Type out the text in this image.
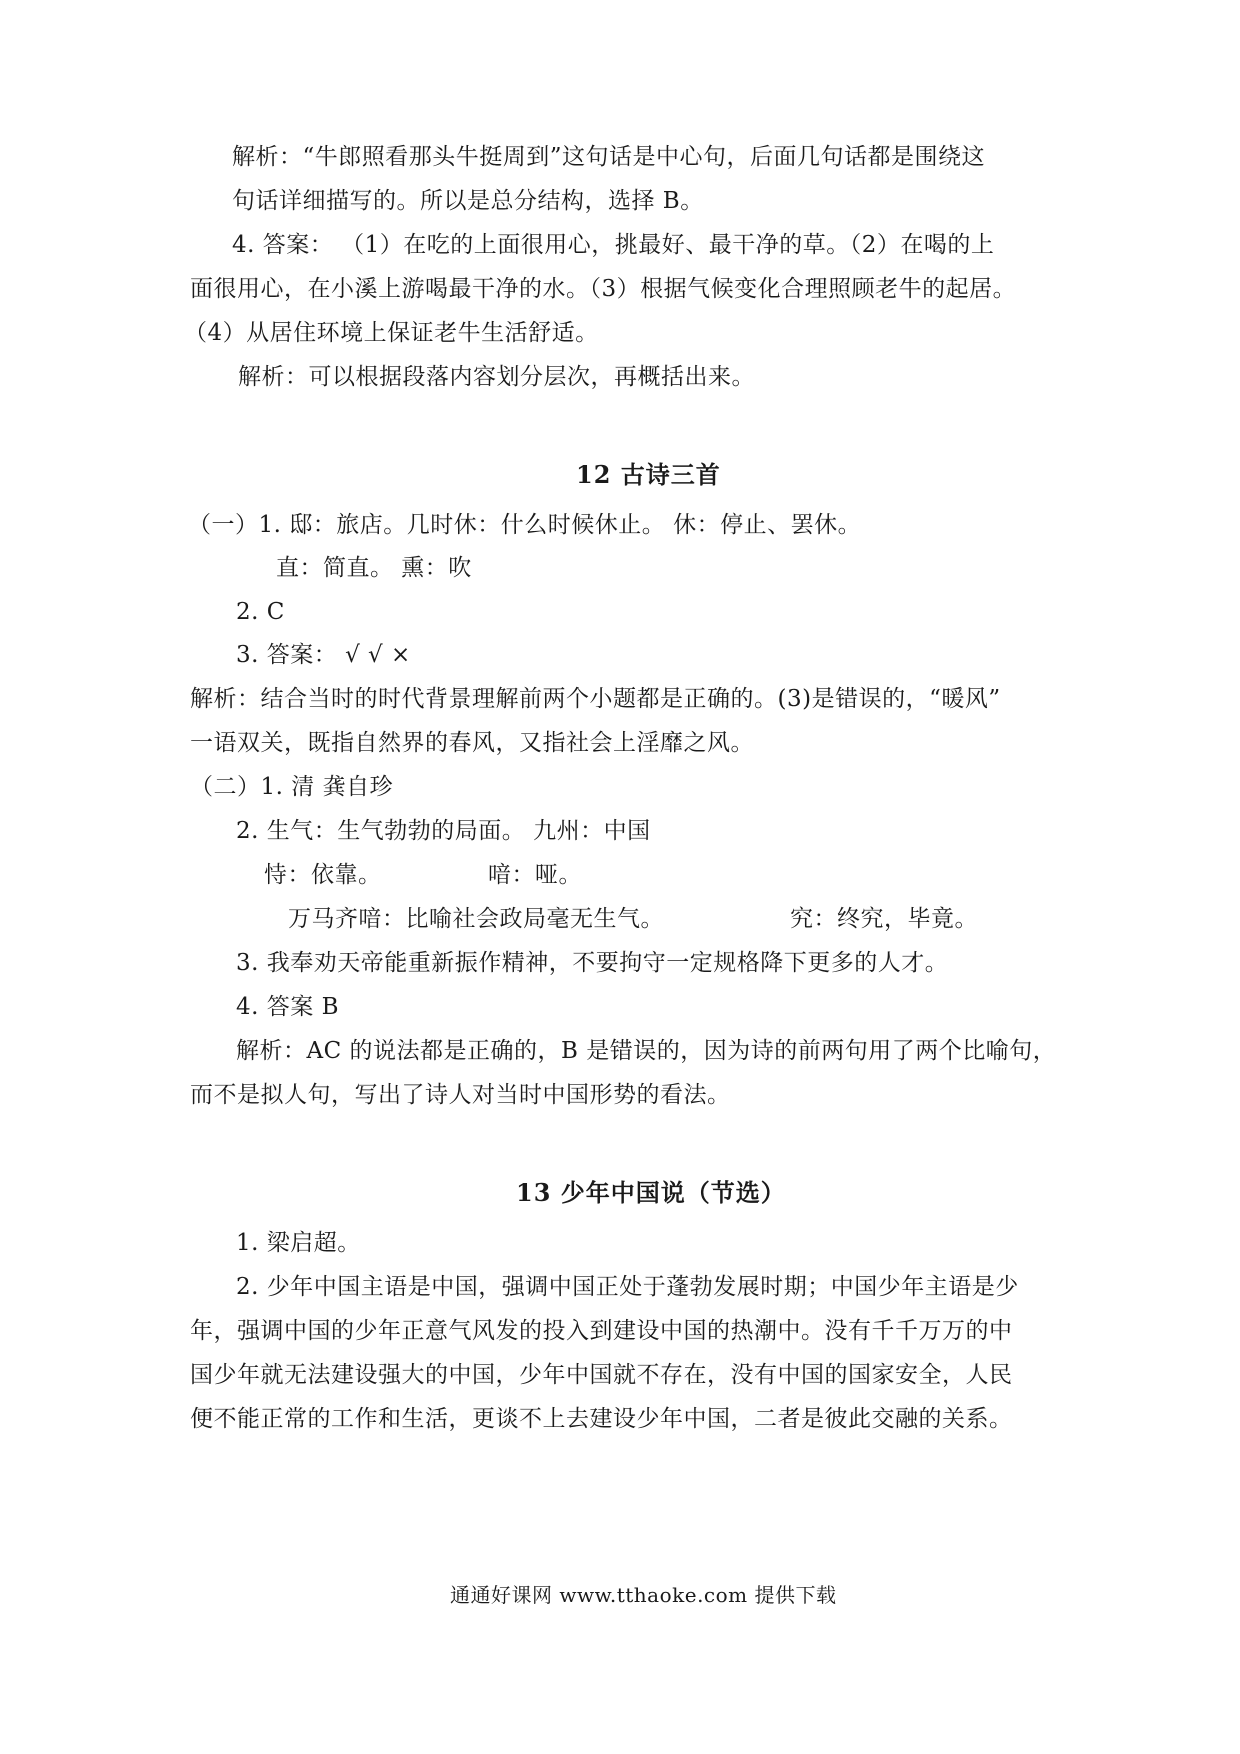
解析：“牛郎照看那头牛挺周到”这句话是中心句，后面几句话都是围绕这
句话详细描写的。所以是总分结构，选择 B。
4. 答案： （1）在吃的上面很用心，挑最好、最干净的草。（2）在喝的上
面很用心，在小溪上游喝最干净的水。（3）根据气候变化合理照顾老牛的起居。
（4）从居住环境上保证老牛生活舒适。
解析：可以根据段落内容划分层次，再概括出来。
12 古诗三首
（一）1. 邸：旅店。几时休：什么时候休止。 休：停止、罢休。
直：简直。 熏：吹
2. C
3. 答案： √ √ ×
解析：结合当时的时代背景理解前两个小题都是正确的。(3)是错误的，“暖风”
一语双关，既指自然界的春风，又指社会上淫靡之风。
（二）1. 清 龚自珍
2. 生气：生气勃勃的局面。 九州：中国
恃：依靠。	喑：哑。
万马齐喑：比喻社会政局毫无生气。	究：终究，毕竟。
3. 我奉劝天帝能重新振作精神，不要拘守一定规格降下更多的人才。
4. 答案 B
解析：AC 的说法都是正确的，B 是错误的，因为诗的前两句用了两个比喻句，
而不是拟人句，写出了诗人对当时中国形势的看法。
13 少年中国说（节选）
1. 梁启超。
2. 少年中国主语是中国，强调中国正处于蓬勃发展时期；中国少年主语是少
年，强调中国的少年正意气风发的投入到建设中国的热潮中。没有千千万万的中
国少年就无法建设强大的中国，少年中国就不存在，没有中国的国家安全，人民
便不能正常的工作和生活，更谈不上去建设少年中国，二者是彼此交融的关系。
通通好课网 www.tthaoke.com 提供下载
